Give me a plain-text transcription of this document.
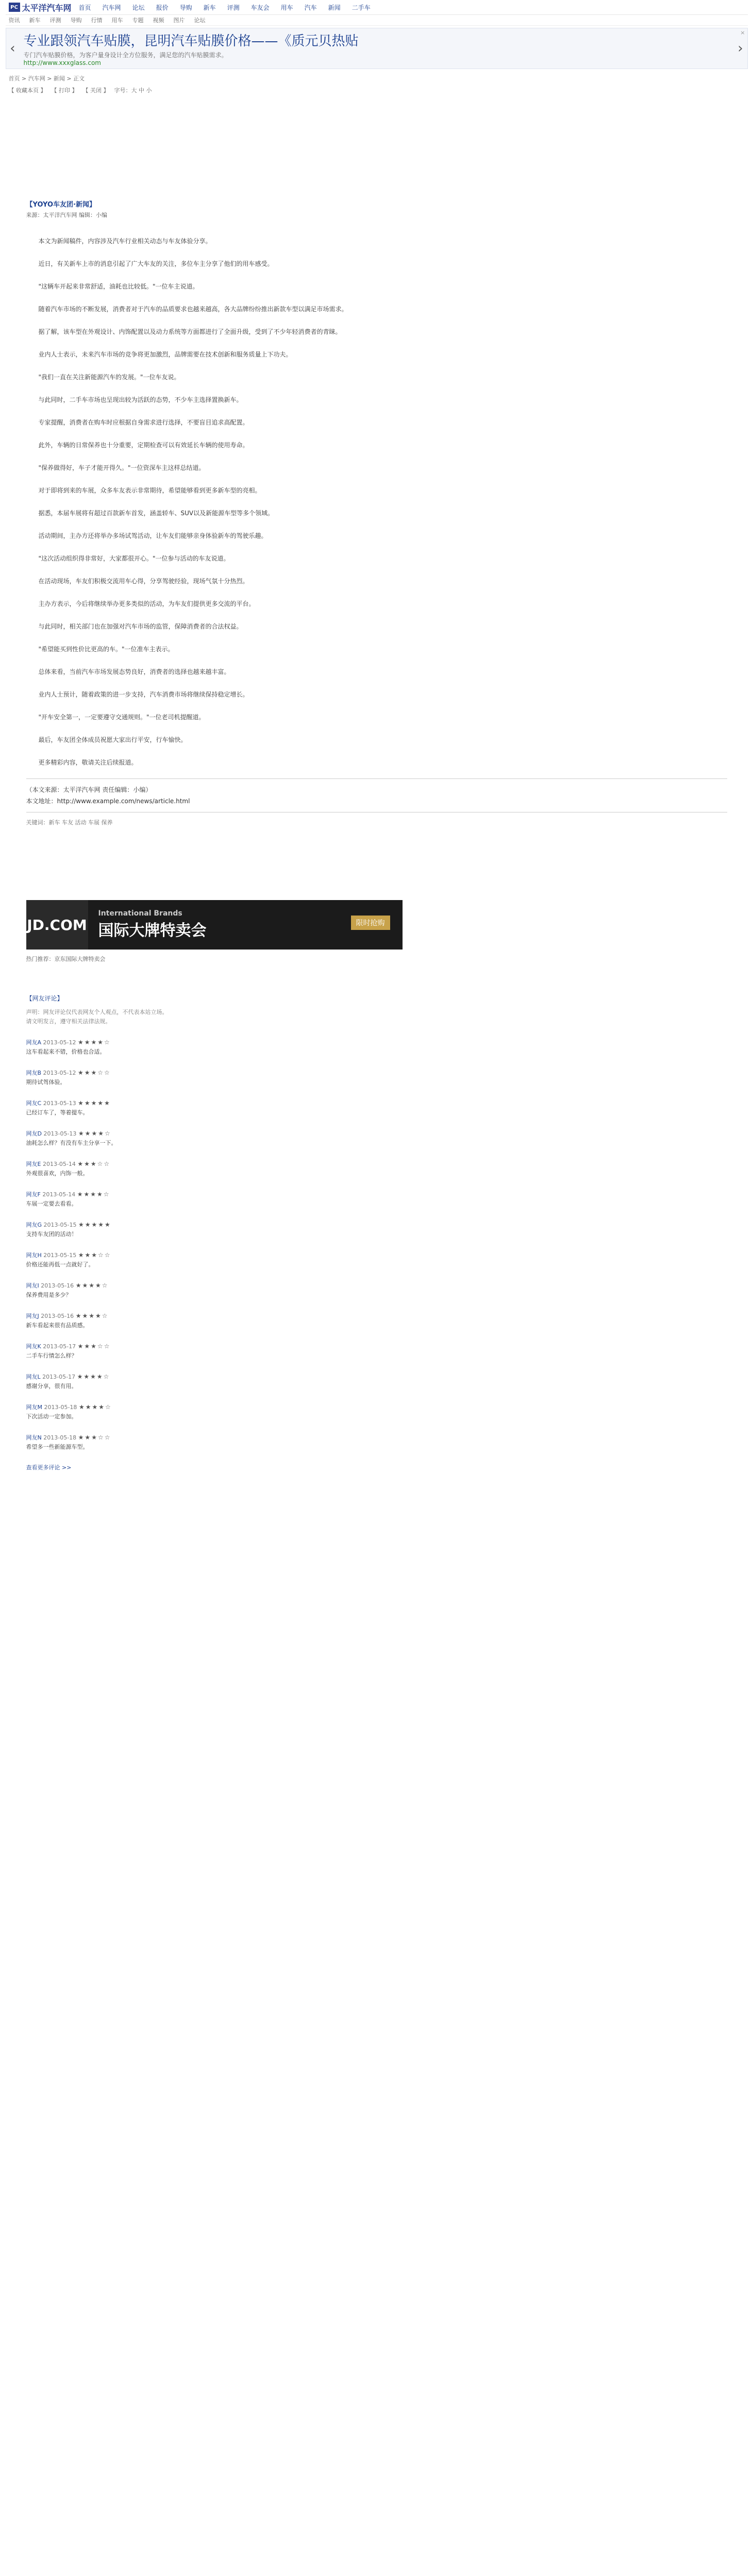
PC 太平洋汽车网 首页 汽车网 论坛 报价 导购 新车 评测 车友会 用车 汽车 新闻 二手车
资讯 新车 评测 导购 行情 用车 专题 视频 图片 论坛
‹ 专业跟领汽车贴膜，昆明汽车贴膜价格——《质元贝热贴
专门汽车贴膜价格，为客户量身设计全方位服务，满足您的汽车贴膜需求。
http://www.xxxglass.com
›
×
首页 > 汽车网 > 新闻 > 正文
【 收藏本页 】 【 打印 】 【 关闭 】 字号：大 中 小
【YOYO车友团·新闻】
来源：太平洋汽车网 编辑：小编

本文为新闻稿件，内容涉及汽车行业相关动态与车友体验分享。

近日，有关新车上市的消息引起了广大车友的关注，多位车主分享了他们的用车感受。

"这辆车开起来非常舒适，油耗也比较低。"一位车主说道。

随着汽车市场的不断发展，消费者对于汽车的品质要求也越来越高，各大品牌纷纷推出新款车型以满足市场需求。

据了解，该车型在外观设计、内饰配置以及动力系统等方面都进行了全面升级，受到了不少年轻消费者的青睐。

业内人士表示，未来汽车市场的竞争将更加激烈，品牌需要在技术创新和服务质量上下功夫。

"我们一直在关注新能源汽车的发展。"一位车友说。

与此同时，二手车市场也呈现出较为活跃的态势，不少车主选择置换新车。

专家提醒，消费者在购车时应根据自身需求进行选择，不要盲目追求高配置。

此外，车辆的日常保养也十分重要，定期检查可以有效延长车辆的使用寿命。

"保养做得好，车子才能开得久。"一位资深车主这样总结道。

对于即将到来的车展，众多车友表示非常期待，希望能够看到更多新车型的亮相。

据悉，本届车展将有超过百款新车首发，涵盖轿车、SUV以及新能源车型等多个领域。

活动期间，主办方还将举办多场试驾活动，让车友们能够亲身体验新车的驾驶乐趣。

"这次活动组织得非常好，大家都很开心。"一位参与活动的车友说道。

在活动现场，车友们积极交流用车心得，分享驾驶经验，现场气氛十分热烈。

主办方表示，今后将继续举办更多类似的活动，为车友们提供更多交流的平台。

与此同时，相关部门也在加强对汽车市场的监管，保障消费者的合法权益。

"希望能买到性价比更高的车。"一位准车主表示。

总体来看，当前汽车市场发展态势良好，消费者的选择也越来越丰富。

业内人士预计，随着政策的进一步支持，汽车消费市场将继续保持稳定增长。

"开车安全第一，一定要遵守交通规则。"一位老司机提醒道。

最后，车友团全体成员祝愿大家出行平安，行车愉快。

更多精彩内容，敬请关注后续报道。

（本文来源：太平洋汽车网 责任编辑：小编）
本文地址：http://www.example.com/news/article.html
关键词：新车 车友 活动 车展 保养
JD.COM
International Brands
国际大牌特卖会	限时抢购
热门推荐：京东国际大牌特卖会
【网友评论】
声明：网友评论仅代表网友个人观点，不代表本站立场。
请文明发言，遵守相关法律法规。
网友A 2013-05-12 ★★★★☆
这车看起来不错，价格也合适。
网友B 2013-05-12 ★★★☆☆
期待试驾体验。
网友C 2013-05-13 ★★★★★
已经订车了，等着提车。
网友D 2013-05-13 ★★★★☆
油耗怎么样？有没有车主分享一下。
网友E 2013-05-14 ★★★☆☆
外观很喜欢，内饰一般。
网友F 2013-05-14 ★★★★☆
车展一定要去看看。
网友G 2013-05-15 ★★★★★
支持车友团的活动！
网友H 2013-05-15 ★★★☆☆
价格还能再低一点就好了。
网友I 2013-05-16 ★★★★☆
保养费用是多少？
网友J 2013-05-16 ★★★★☆
新车看起来很有品质感。
网友K 2013-05-17 ★★★☆☆
二手车行情怎么样？
网友L 2013-05-17 ★★★★☆
感谢分享，很有用。
网友M 2013-05-18 ★★★★☆
下次活动一定参加。
网友N 2013-05-18 ★★★☆☆
希望多一些新能源车型。
查看更多评论 >>
